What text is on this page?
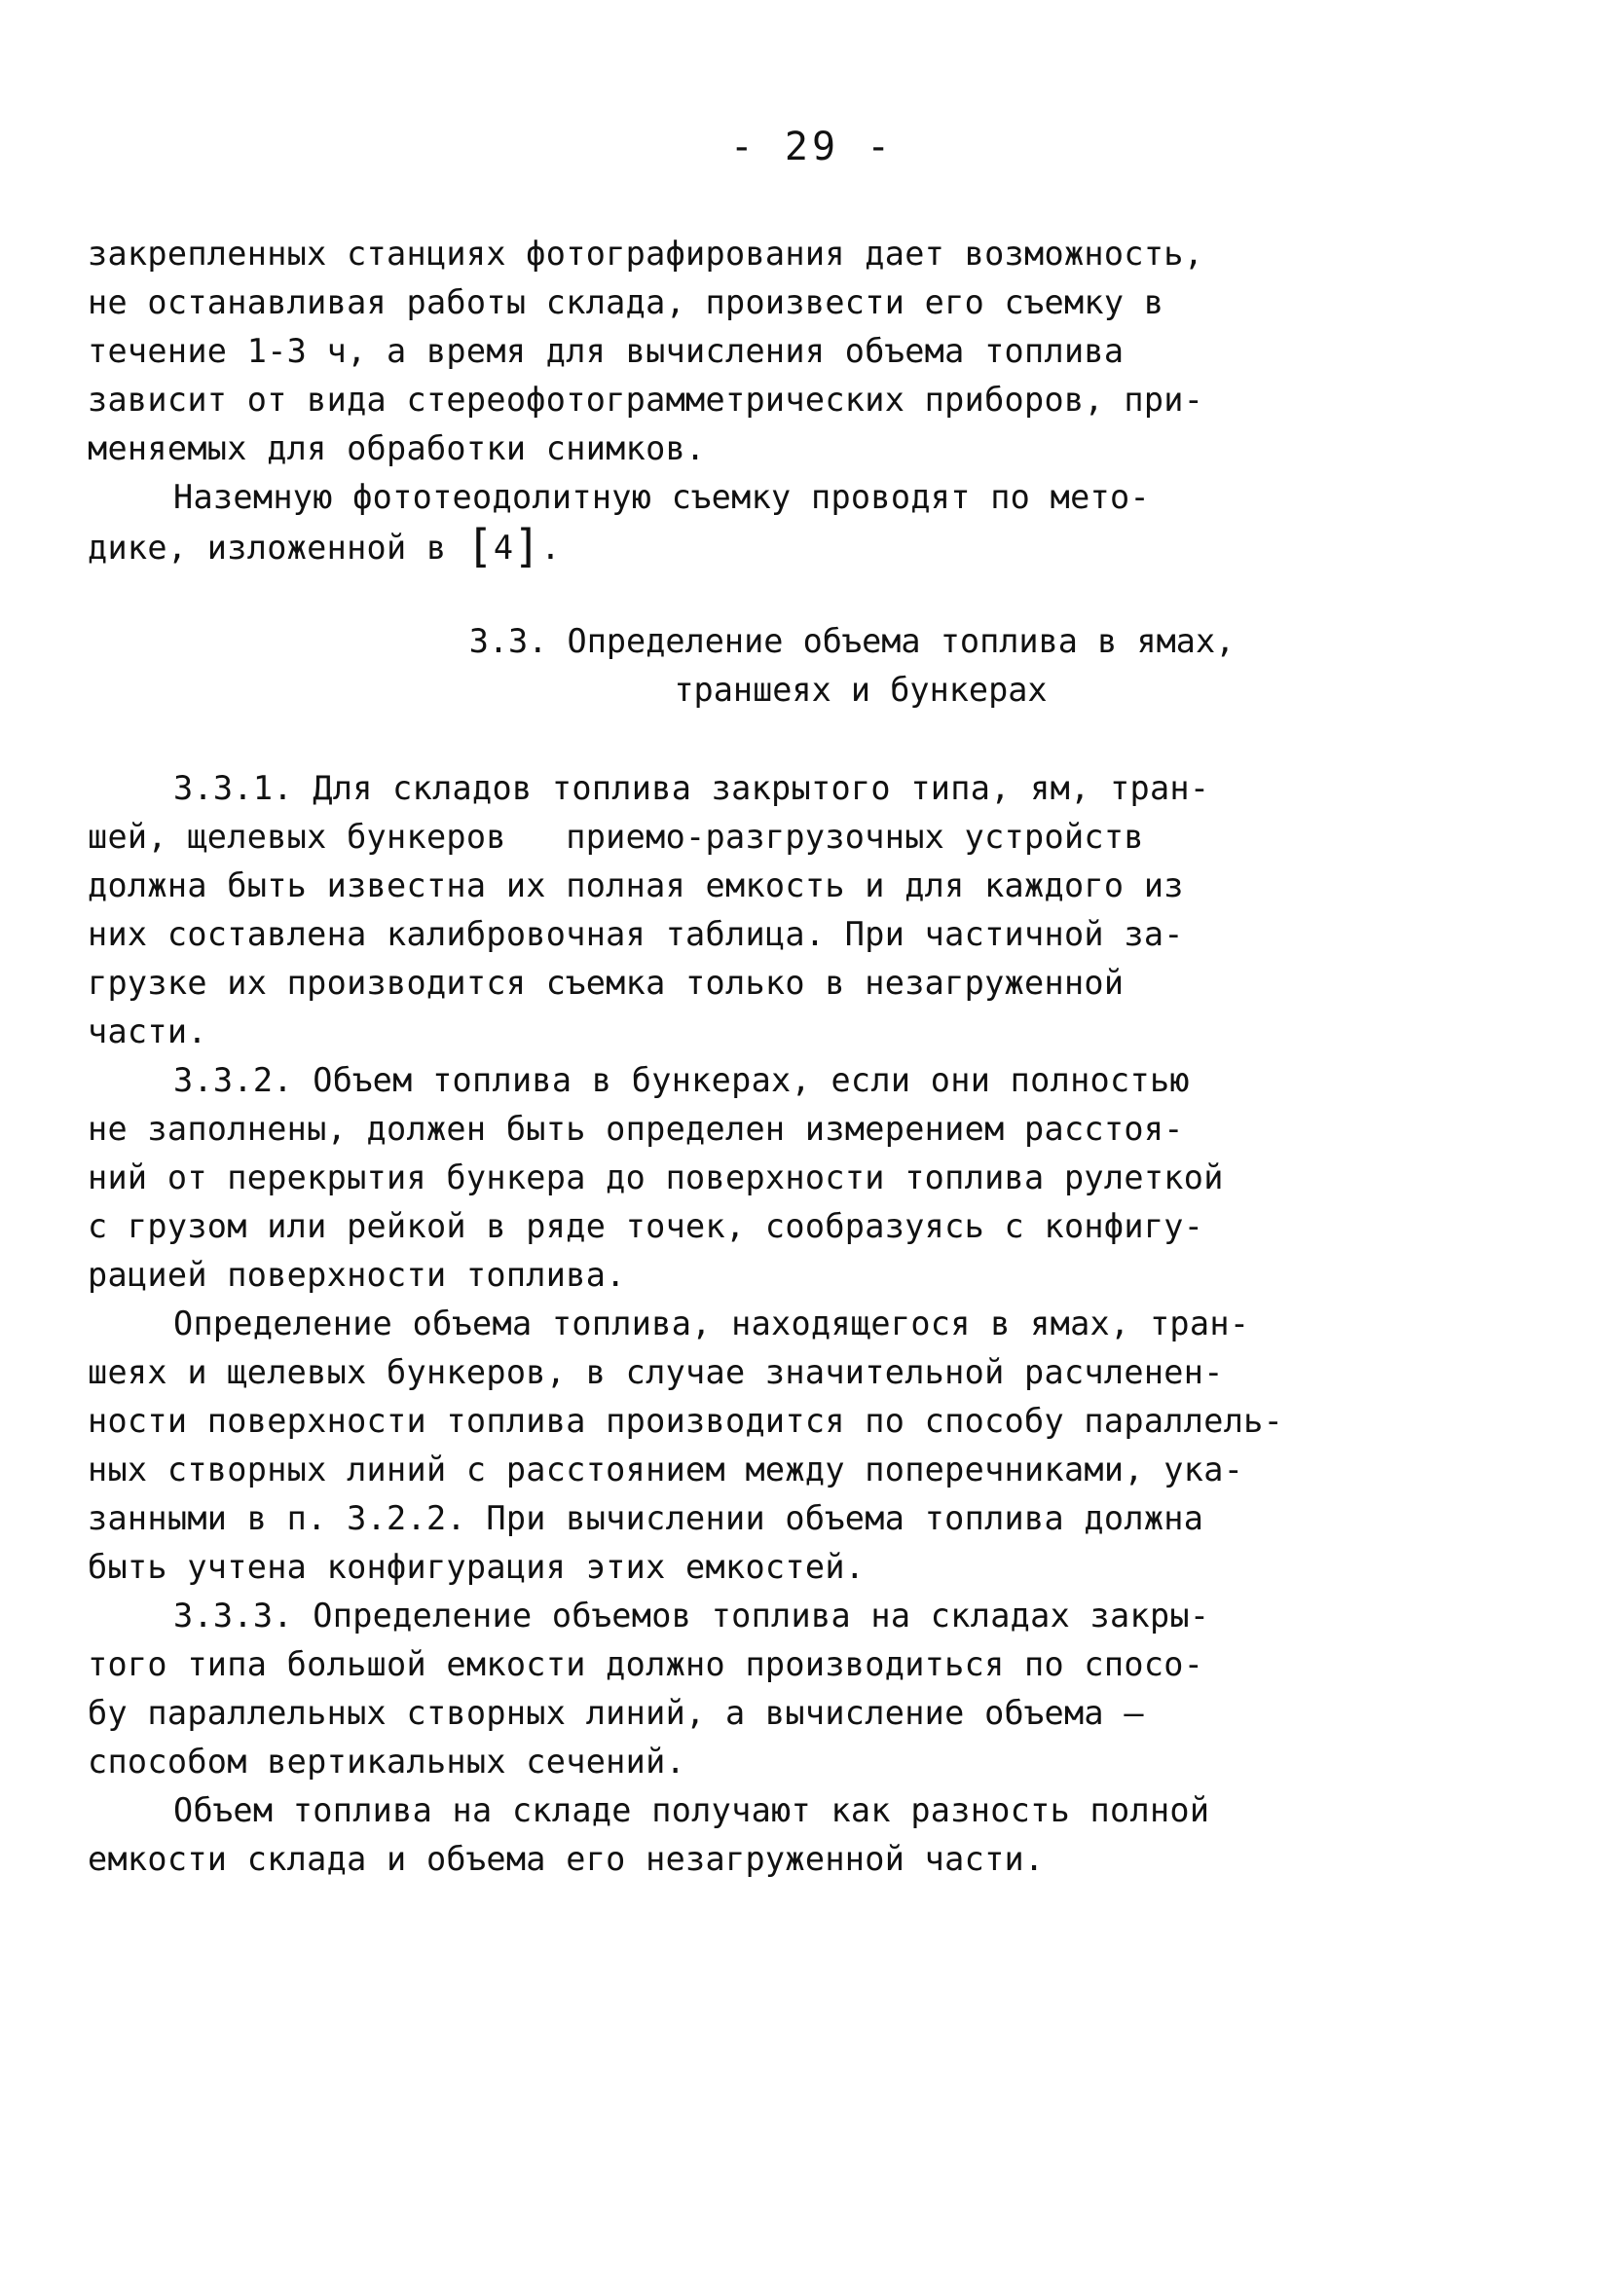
- 29 -
закрепленных станциях фотографирования дает возможность,
не останавливая работы склада, произвести его съемку в
течение 1-3 ч, а время для вычисления объема топлива
зависит от вида стереофотограмметрических приборов, при-
меняемых для обработки снимков.
Наземную фототеодолитную съемку проводят по мето-
дике, изложенной в [4].
3.3. Определение объема топлива в ямах,
траншеях и бункерах
3.3.1. Для складов топлива закрытого типа, ям, тран-
шей, щелевых бункеров   приемо-разгрузочных устройств
должна быть известна их полная емкость и для каждого из
них составлена калибровочная таблица. При частичной за-
грузке их производится съемка только в незагруженной
части.
3.3.2. Объем топлива в бункерах, если они полностью
не заполнены, должен быть определен измерением расстоя-
ний от перекрытия бункера до поверхности топлива рулеткой
с грузом или рейкой в ряде точек, сообразуясь с конфигу-
рацией поверхности топлива.
Определение объема топлива, находящегося в ямах, тран-
шеях и щелевых бункеров, в случае значительной расчленен-
ности поверхности топлива производится по способу параллель-
ных створных линий с расстоянием между поперечниками, ука-
занными в п. 3.2.2. При вычислении объема топлива должна
быть учтена конфигурация этих емкостей.
3.3.3. Определение объемов топлива на складах закры-
того типа большой емкости должно производиться по спосо-
бу параллельных створных линий, а вычисление объема —
способом вертикальных сечений.
Объем топлива на складе получают как разность полной
емкости склада и объема его незагруженной части.
